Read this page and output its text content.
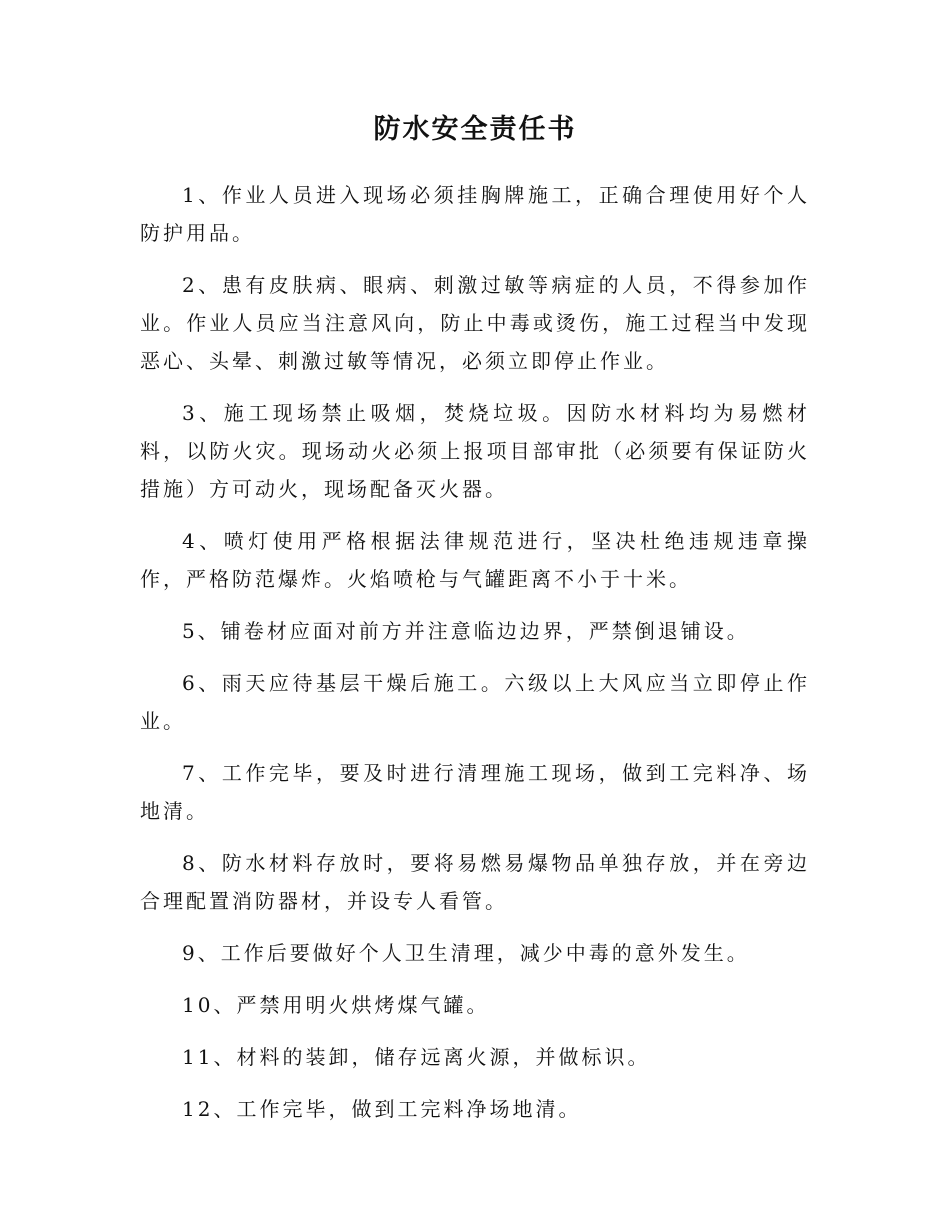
防水安全责任书

1、作业人员进入现场必须挂胸牌施工，正确合理使用好个人防护用品。

2、患有皮肤病、眼病、刺激过敏等病症的人员，不得参加作业。作业人员应当注意风向，防止中毒或烫伤，施工过程当中发现恶心、头晕、刺激过敏等情况，必须立即停止作业。

3、施工现场禁止吸烟，焚烧垃圾。因防水材料均为易燃材料，以防火灾。现场动火必须上报项目部审批（必须要有保证防火措施）方可动火，现场配备灭火器。

4、喷灯使用严格根据法律规范进行，坚决杜绝违规违章操作，严格防范爆炸。火焰喷枪与气罐距离不小于十米。

5、铺卷材应面对前方并注意临边边界，严禁倒退铺设。

6、雨天应待基层干燥后施工。六级以上大风应当立即停止作业。

7、工作完毕，要及时进行清理施工现场，做到工完料净、场地清。

8、防水材料存放时，要将易燃易爆物品单独存放，并在旁边合理配置消防器材，并设专人看管。

9、工作后要做好个人卫生清理，减少中毒的意外发生。

10、严禁用明火烘烤煤气罐。

11、材料的装卸，储存远离火源，并做标识。

12、工作完毕，做到工完料净场地清。
